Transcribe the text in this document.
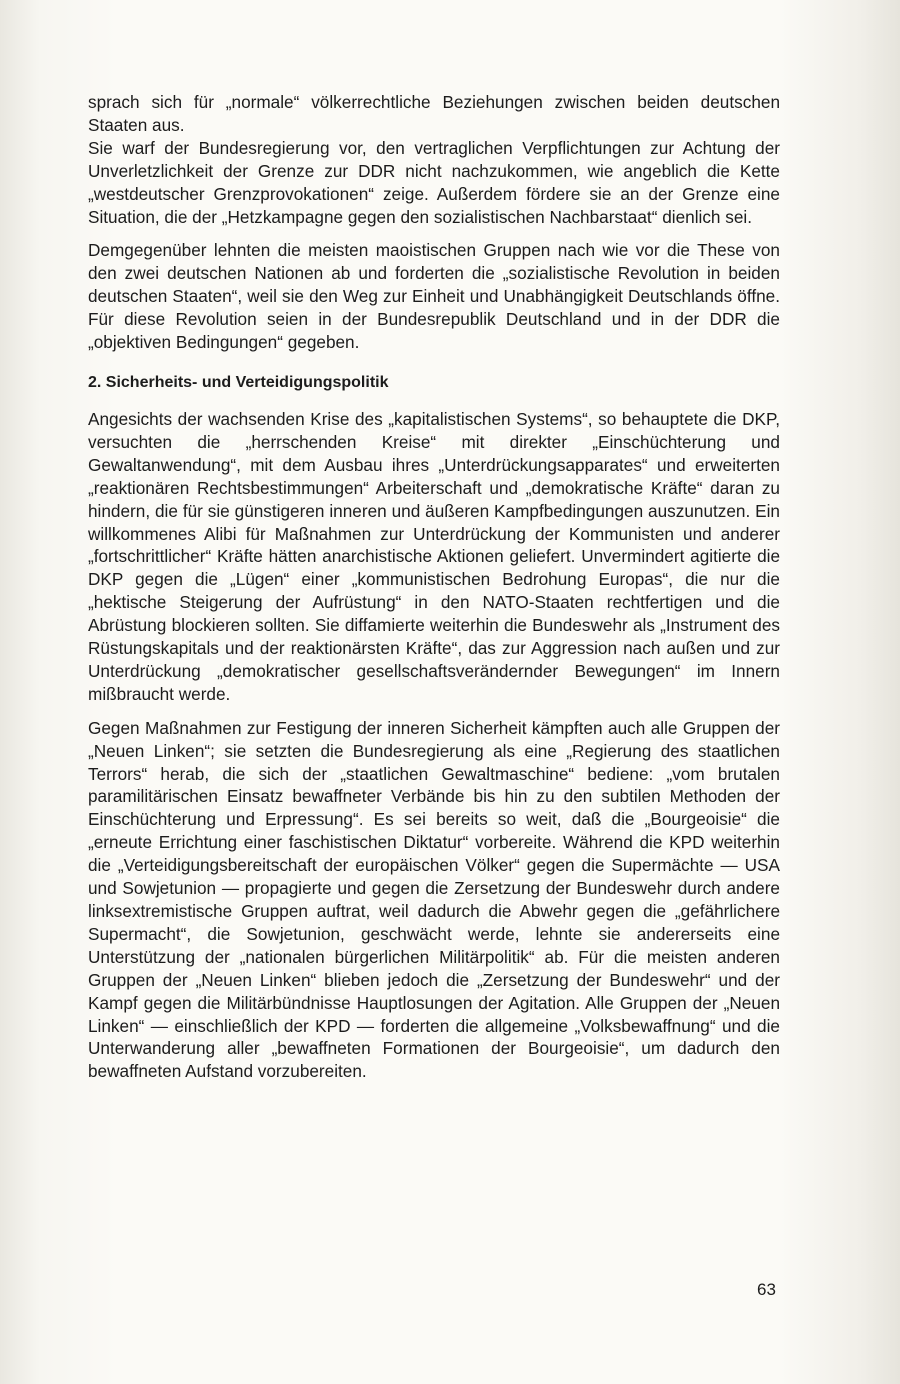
sprach sich für „normale“ völkerrechtliche Beziehungen zwischen beiden deutschen Staaten aus.

Sie warf der Bundesregierung vor, den vertraglichen Verpflichtungen zur Achtung der Unverletzlichkeit der Grenze zur DDR nicht nachzukommen, wie angeblich die Kette „westdeutscher Grenzprovokationen“ zeige. Außerdem fördere sie an der Grenze eine Situation, die der „Hetzkampagne gegen den sozialistischen Nachbarstaat“ dienlich sei.

Demgegenüber lehnten die meisten maoistischen Gruppen nach wie vor die These von den zwei deutschen Nationen ab und forderten die „sozialistische Revolution in beiden deutschen Staaten“, weil sie den Weg zur Einheit und Unabhängigkeit Deutschlands öffne. Für diese Revolution seien in der Bundesrepublik Deutschland und in der DDR die „objektiven Bedingungen“ gegeben.

2. Sicherheits- und Verteidigungspolitik

Angesichts der wachsenden Krise des „kapitalistischen Systems“, so behauptete die DKP, versuchten die „herrschenden Kreise“ mit direkter „Einschüchterung und Gewaltanwendung“, mit dem Ausbau ihres „Unterdrückungsapparates“ und erweiterten „reaktionären Rechtsbestimmungen“ Arbeiterschaft und „demokratische Kräfte“ daran zu hindern, die für sie günstigeren inneren und äußeren Kampfbedingungen auszunutzen. Ein willkommenes Alibi für Maßnahmen zur Unterdrückung der Kommunisten und anderer „fortschrittlicher“ Kräfte hätten anarchistische Aktionen geliefert. Unvermindert agitierte die DKP gegen die „Lügen“ einer „kommunistischen Bedrohung Europas“, die nur die „hektische Steigerung der Aufrüstung“ in den NATO-Staaten rechtfertigen und die Abrüstung blockieren sollten. Sie diffamierte weiterhin die Bundeswehr als „Instrument des Rüstungskapitals und der reaktionärsten Kräfte“, das zur Aggression nach außen und zur Unterdrückung „demokratischer gesellschaftsverändernder Bewegungen“ im Innern mißbraucht werde.

Gegen Maßnahmen zur Festigung der inneren Sicherheit kämpften auch alle Gruppen der „Neuen Linken“; sie setzten die Bundesregierung als eine „Regierung des staatlichen Terrors“ herab, die sich der „staatlichen Gewaltmaschine“ bediene: „vom brutalen paramilitärischen Einsatz bewaffneter Verbände bis hin zu den subtilen Methoden der Einschüchterung und Erpressung“. Es sei bereits so weit, daß die „Bourgeoisie“ die „erneute Errichtung einer faschistischen Diktatur“ vorbereite. Während die KPD weiterhin die „Verteidigungsbereitschaft der europäischen Völker“ gegen die Supermächte — USA und Sowjetunion — propagierte und gegen die Zersetzung der Bundeswehr durch andere linksextremistische Gruppen auftrat, weil dadurch die Abwehr gegen die „gefährlichere Supermacht“, die Sowjetunion, geschwächt werde, lehnte sie andererseits eine Unterstützung der „nationalen bürgerlichen Militärpolitik“ ab. Für die meisten anderen Gruppen der „Neuen Linken“ blieben jedoch die „Zersetzung der Bundeswehr“ und der Kampf gegen die Militärbündnisse Hauptlosungen der Agitation. Alle Gruppen der „Neuen Linken“ — einschließlich der KPD — forderten die allgemeine „Volksbewaffnung“ und die Unterwanderung aller „bewaffneten Formationen der Bourgeoisie“, um dadurch den bewaffneten Aufstand vorzubereiten.

63
